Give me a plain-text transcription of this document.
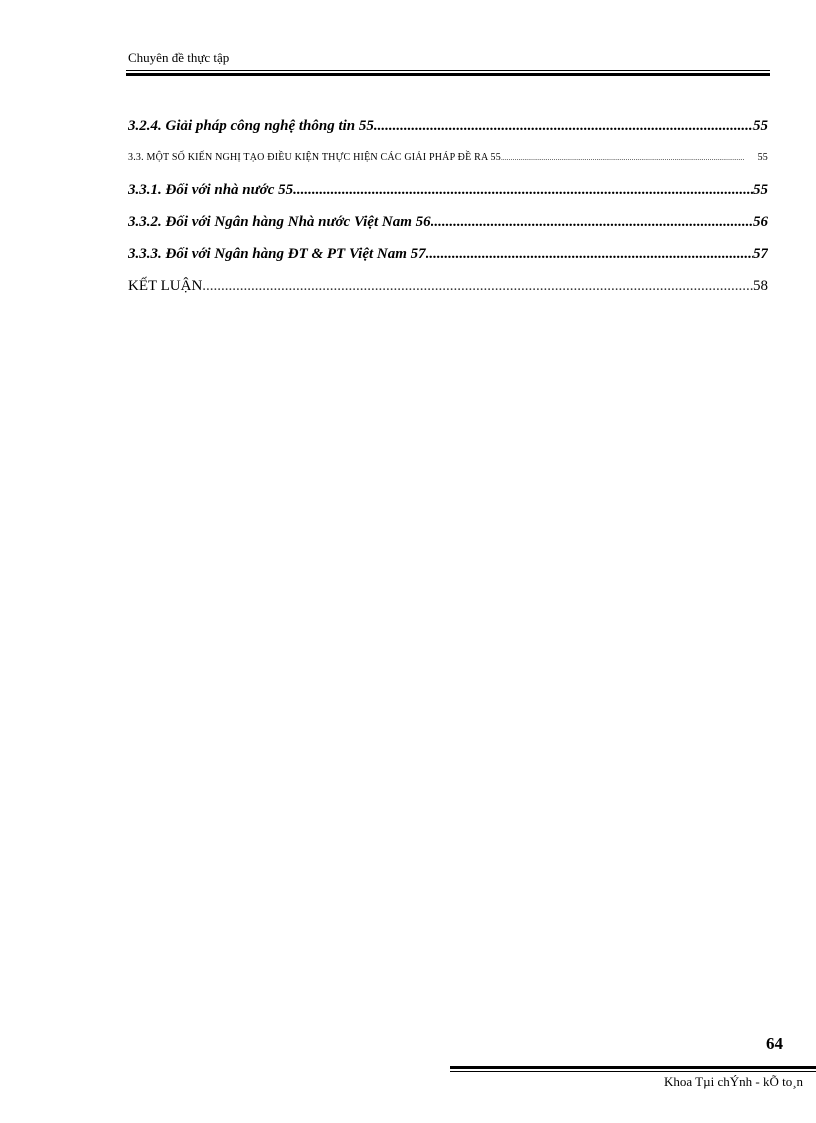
Chuyên đề thực tập
3.2.4. Giải pháp công nghệ thông tin 55 .....	55
3.3. MỘT SỐ KIẾN NGHỊ TẠO ĐIỀU KIỆN THỰC HIỆN CÁC GIẢI PHÁP ĐỀ RA 55 .....	55
3.3.1. Đối với nhà nước 55 .....	55
3.3.2. Đối với Ngân hàng Nhà nước Việt Nam 56 .....	56
3.3.3. Đối với Ngân hàng ĐT & PT Việt Nam 57 .....	57
KẾT LUẬN .....	58
64
Khoa Tµi chÝnh - kÕ to¸n
